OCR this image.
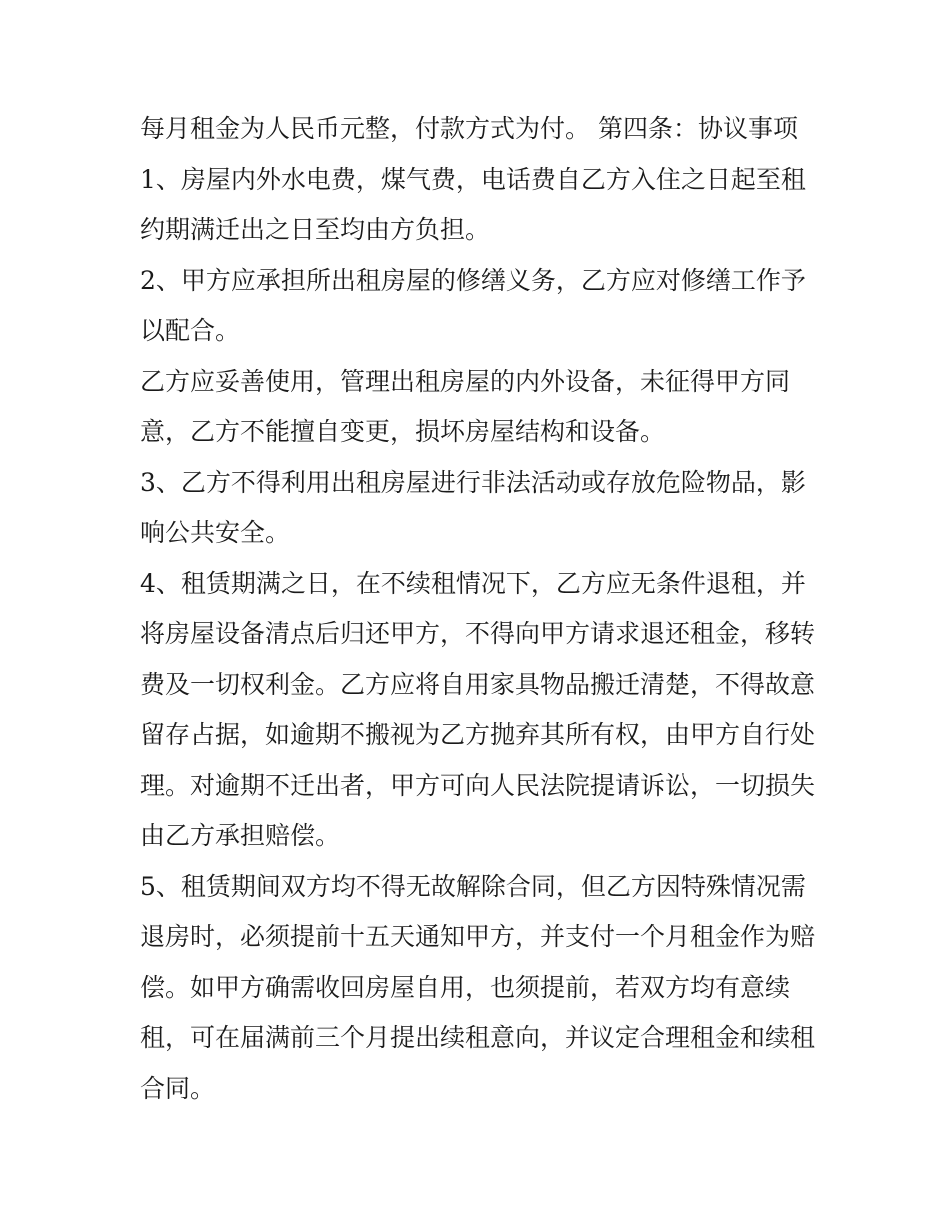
每月租金为人民币元整，付款方式为付。 第四条：协议事项
1、房屋内外水电费，煤气费，电话费自乙方入住之日起至租
约期满迁出之日至均由方负担。
2、甲方应承担所出租房屋的修缮义务，乙方应对修缮工作予
以配合。
乙方应妥善使用，管理出租房屋的内外设备，未征得甲方同
意，乙方不能擅自变更，损坏房屋结构和设备。
3、乙方不得利用出租房屋进行非法活动或存放危险物品，影
响公共安全。
4、租赁期满之日，在不续租情况下，乙方应无条件退租，并
将房屋设备清点后归还甲方，不得向甲方请求退还租金，移转
费及一切权利金。乙方应将自用家具物品搬迁清楚，不得故意
留存占据，如逾期不搬视为乙方抛弃其所有权，由甲方自行处
理。对逾期不迁出者，甲方可向人民法院提请诉讼，一切损失
由乙方承担赔偿。
5、租赁期间双方均不得无故解除合同，但乙方因特殊情况需
退房时，必须提前十五天通知甲方，并支付一个月租金作为赔
偿。如甲方确需收回房屋自用，也须提前，若双方均有意续
租，可在届满前三个月提出续租意向，并议定合理租金和续租
合同。
